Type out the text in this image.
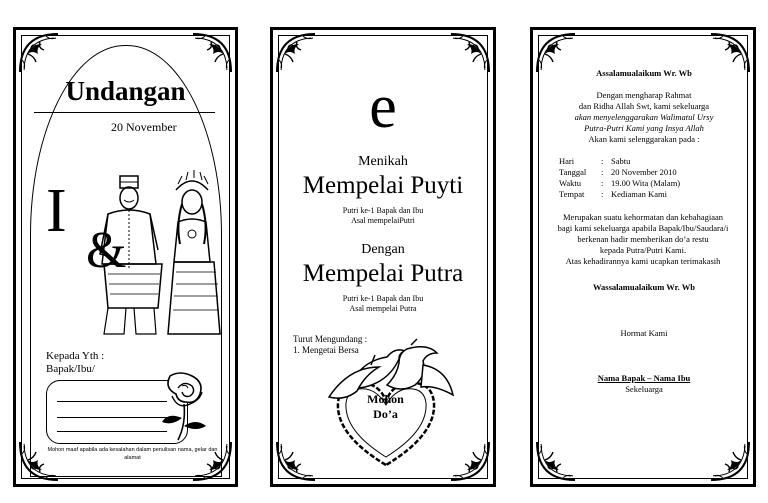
Undangan
20 November
I
&
Kepada Yth :
Bapak/Ibu/
Mohon maaf apabila ada kesalahan dalam penulisan nama, gelar dan alamat
e
Menikah
Mempelai Puyti
Putri ke-1 Bapak dan Ibu
Asal mempelaiPutri
Dengan
Mempelai Putra
Putri ke-1 Bapak dan Ibu
Asal mempelai Putra
Turut Mengundang :
1. Mengetai Bersa
Mohon
Do’a
Assalamualaikum Wr. Wb
Dengan mengharap Rahmat
dan Ridha Allah Swt, kami sekeluarga
akan menyelenggarakan Walimatul Ursy
Putra-Putri Kami yang Insya Allah
Akan kami selenggarakan pada :
Hari	: Sabtu
Tanggal : 20 November 2010
Waktu : 19.00 Wita (Malam)
Tempat : Kediaman Kami
Merupakan suatu kehormatan dan kebahagiaan
bagi kami sekeluarga apabila Bapak/Ibu/Saudara/i
berkenan hadir memberikan do’a restu
kepada Putra/Putri Kami.
Atas kehadirannya kami ucapkan terimakasih
Wassalamualaikum Wr. Wb
Hormat Kami
Nama Bapak – Nama Ibu
Sekeluarga
